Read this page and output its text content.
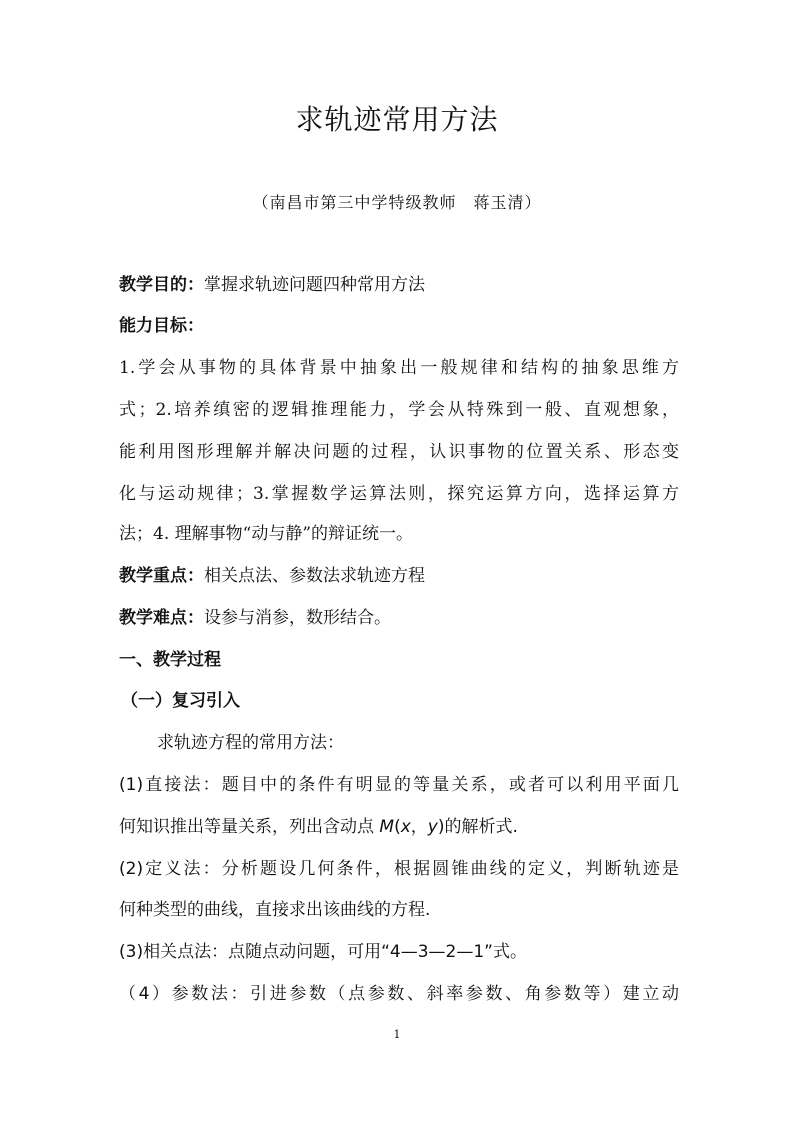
求轨迹常用方法
（南昌市第三中学特级教师　蒋玉清）
教学目的：掌握求轨迹问题四种常用方法
能力目标：
1.学会从事物的具体背景中抽象出一般规律和结构的抽象思维方
式；2.培养缜密的逻辑推理能力，学会从特殊到一般、直观想象，
能利用图形理解并解决问题的过程，认识事物的位置关系、形态变
化与运动规律；3.掌握数学运算法则，探究运算方向，选择运算方
法；4. 理解事物“动与静”的辩证统一。
教学重点：相关点法、参数法求轨迹方程
教学难点：设参与消参，数形结合。
一、教学过程
（一）复习引入
求轨迹方程的常用方法：
(1)直接法：题目中的条件有明显的等量关系，或者可以利用平面几
何知识推出等量关系，列出含动点 M(x，y)的解析式.
(2)定义法：分析题设几何条件，根据圆锥曲线的定义，判断轨迹是
何种类型的曲线，直接求出该曲线的方程.
(3)相关点法：点随点动问题，可用“4—3—2—1”式。
（4）参数法：引进参数（点参数、斜率参数、角参数等）建立动
1
